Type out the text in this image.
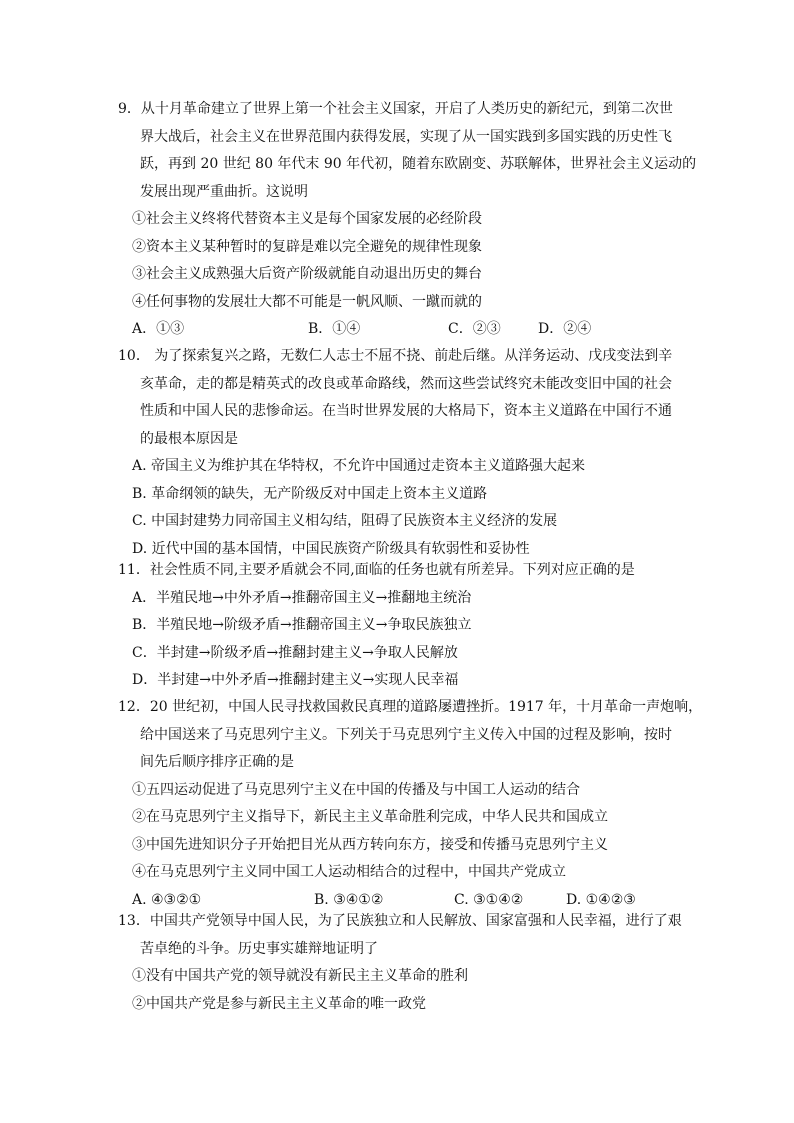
9．从十月革命建立了世界上第一个社会主义国家，开启了人类历史的新纪元，到第二次世
界大战后，社会主义在世界范围内获得发展，实现了从一国实践到多国实践的历史性飞
跃，再到 20 世纪 80 年代末 90 年代初，随着东欧剧变、苏联解体，世界社会主义运动的
发展出现严重曲折。这说明
①社会主义终将代替资本主义是每个国家发展的必经阶段
②资本主义某种暂时的复辟是难以完全避免的规律性现象
③社会主义成熟强大后资产阶级就能自动退出历史的舞台
④任何事物的发展壮大都不可能是一帆风顺、一蹴而就的
A．①③	B．①④	C．②③	D．②④
10． 为了探索复兴之路，无数仁人志士不屈不挠、前赴后继。从洋务运动、戊戌变法到辛
亥革命，走的都是精英式的改良或革命路线，然而这些尝试终究未能改变旧中国的社会
性质和中国人民的悲惨命运。在当时世界发展的大格局下，资本主义道路在中国行不通
的最根本原因是
A. 帝国主义为维护其在华特权，不允许中国通过走资本主义道路强大起来
B. 革命纲领的缺失，无产阶级反对中国走上资本主义道路
C. 中国封建势力同帝国主义相勾结，阻碍了民族资本主义经济的发展
D. 近代中国的基本国情，中国民族资产阶级具有软弱性和妥协性
11．社会性质不同,主要矛盾就会不同,面临的任务也就有所差异。下列对应正确的是
A．半殖民地→中外矛盾→推翻帝国主义→推翻地主统治
B．半殖民地→阶级矛盾→推翻帝国主义→争取民族独立
C．半封建→阶级矛盾→推翻封建主义→争取人民解放
D．半封建→中外矛盾→推翻封建主义→实现人民幸福
12．20 世纪初，中国人民寻找救国救民真理的道路屡遭挫折。1917 年，十月革命一声炮响，
给中国送来了马克思列宁主义。下列关于马克思列宁主义传入中国的过程及影响，按时
间先后顺序排序正确的是
①五四运动促进了马克思列宁主义在中国的传播及与中国工人运动的结合
②在马克思列宁主义指导下，新民主主义革命胜利完成，中华人民共和国成立
③中国先进知识分子开始把目光从西方转向东方，接受和传播马克思列宁主义
④在马克思列宁主义同中国工人运动相结合的过程中，中国共产党成立
A. ④③②①	B. ③④①②	C. ③①④②	D. ①④②③
13．中国共产党领导中国人民，为了民族独立和人民解放、国家富强和人民幸福，进行了艰
苦卓绝的斗争。历史事实雄辩地证明了
①没有中国共产党的领导就没有新民主主义革命的胜利
②中国共产党是参与新民主主义革命的唯一政党
